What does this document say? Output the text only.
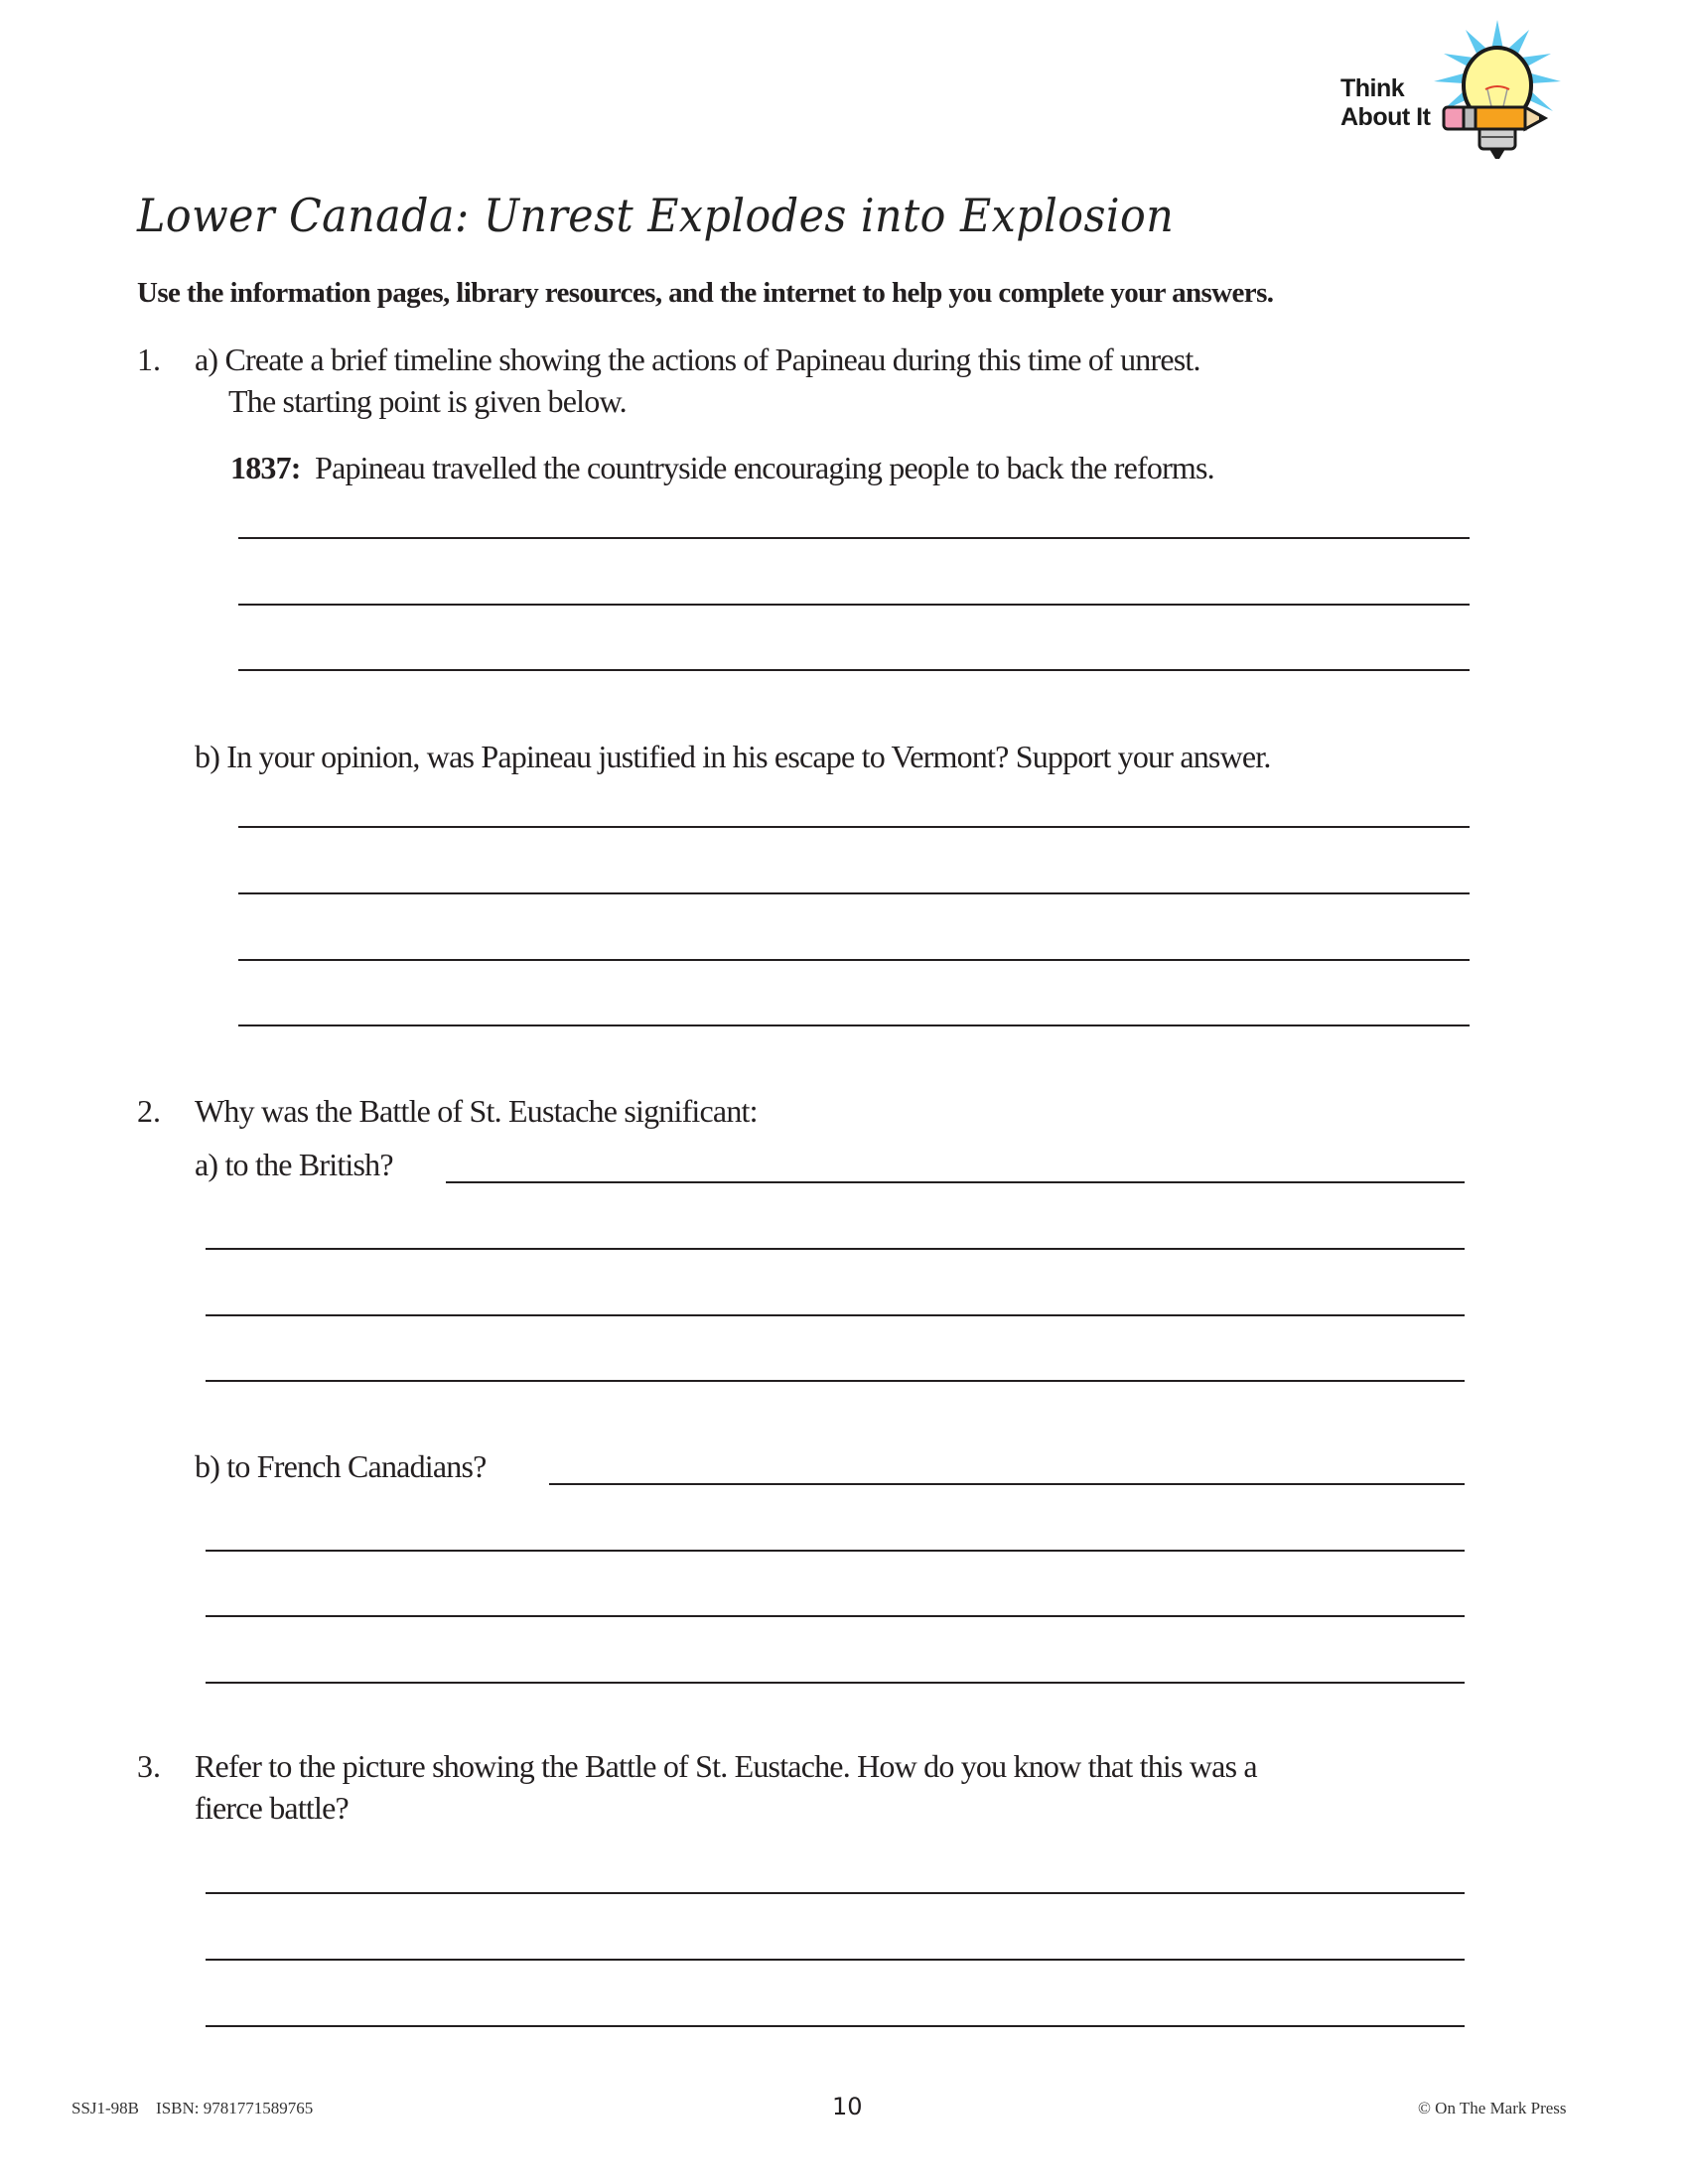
Think
About It
Lower Canada: Unrest Explodes into Explosion
Use the information pages, library resources, and the internet to help you complete your answers.
1. a) Create a brief timeline showing the actions of Papineau during this time of unrest.
The starting point is given below.
1837: Papineau travelled the countryside encouraging people to back the reforms.
b) In your opinion, was Papineau justified in his escape to Vermont? Support your answer.
2. Why was the Battle of St. Eustache significant:
a) to the British?
b) to French Canadians?
3. Refer to the picture showing the Battle of St. Eustache. How do you know that this was a
fierce battle?
SSJ1-98B ISBN: 9781771589765	10	© On The Mark Press
